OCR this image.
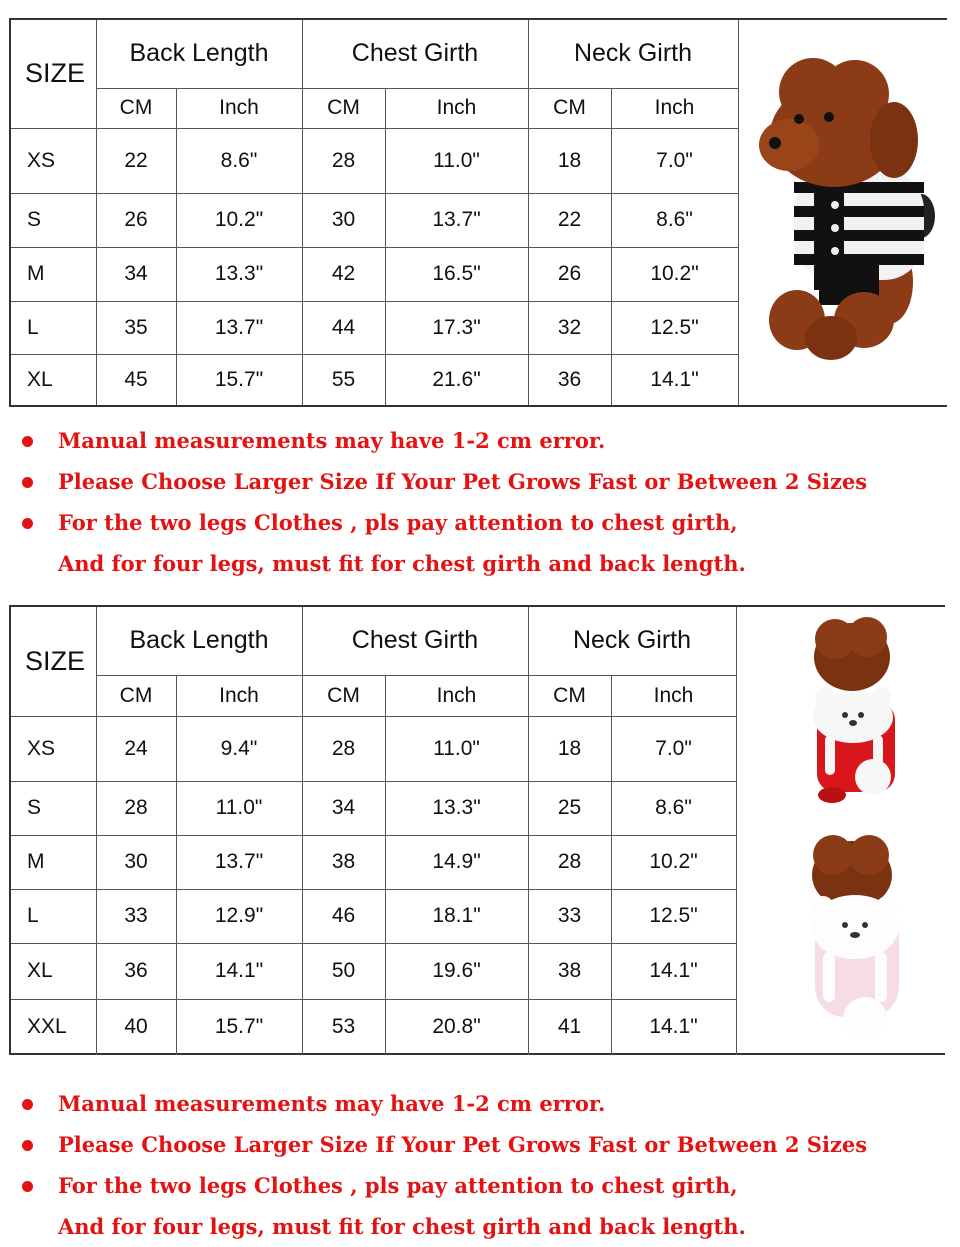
SIZE	Back Length		Chest Girth		Neck Girth	
	CM	Inch	CM	Inch	CM	Inch
XS	22	8.6"	28	11.0"	18	7.0"
S	26	10.2"	30	13.7"	22	8.6"
M	34	13.3"	42	16.5"	26	10.2"
L	35	13.7"	44	17.3"	32	12.5"
XL	45	15.7"	55	21.6"	36	14.1"
Manual measurements may have 1-2 cm error.
Please Choose Larger Size If Your Pet Grows Fast or Between 2 Sizes
For the two legs Clothes , pls pay attention to chest girth,
And for four legs, must fit for chest girth and back length.
SIZE	Back Length		Chest Girth		Neck Girth	
	CM	Inch	CM	Inch	CM	Inch
XS	24	9.4"	28	11.0"	18	7.0"
S	28	11.0"	34	13.3"	25	8.6"
M	30	13.7"	38	14.9"	28	10.2"
L	33	12.9"	46	18.1"	33	12.5"
XL	36	14.1"	50	19.6"	38	14.1"
XXL	40	15.7"	53	20.8"	41	14.1"
Manual measurements may have 1-2 cm error.
Please Choose Larger Size If Your Pet Grows Fast or Between 2 Sizes
For the two legs Clothes , pls pay attention to chest girth,
And for four legs, must fit for chest girth and back length.
